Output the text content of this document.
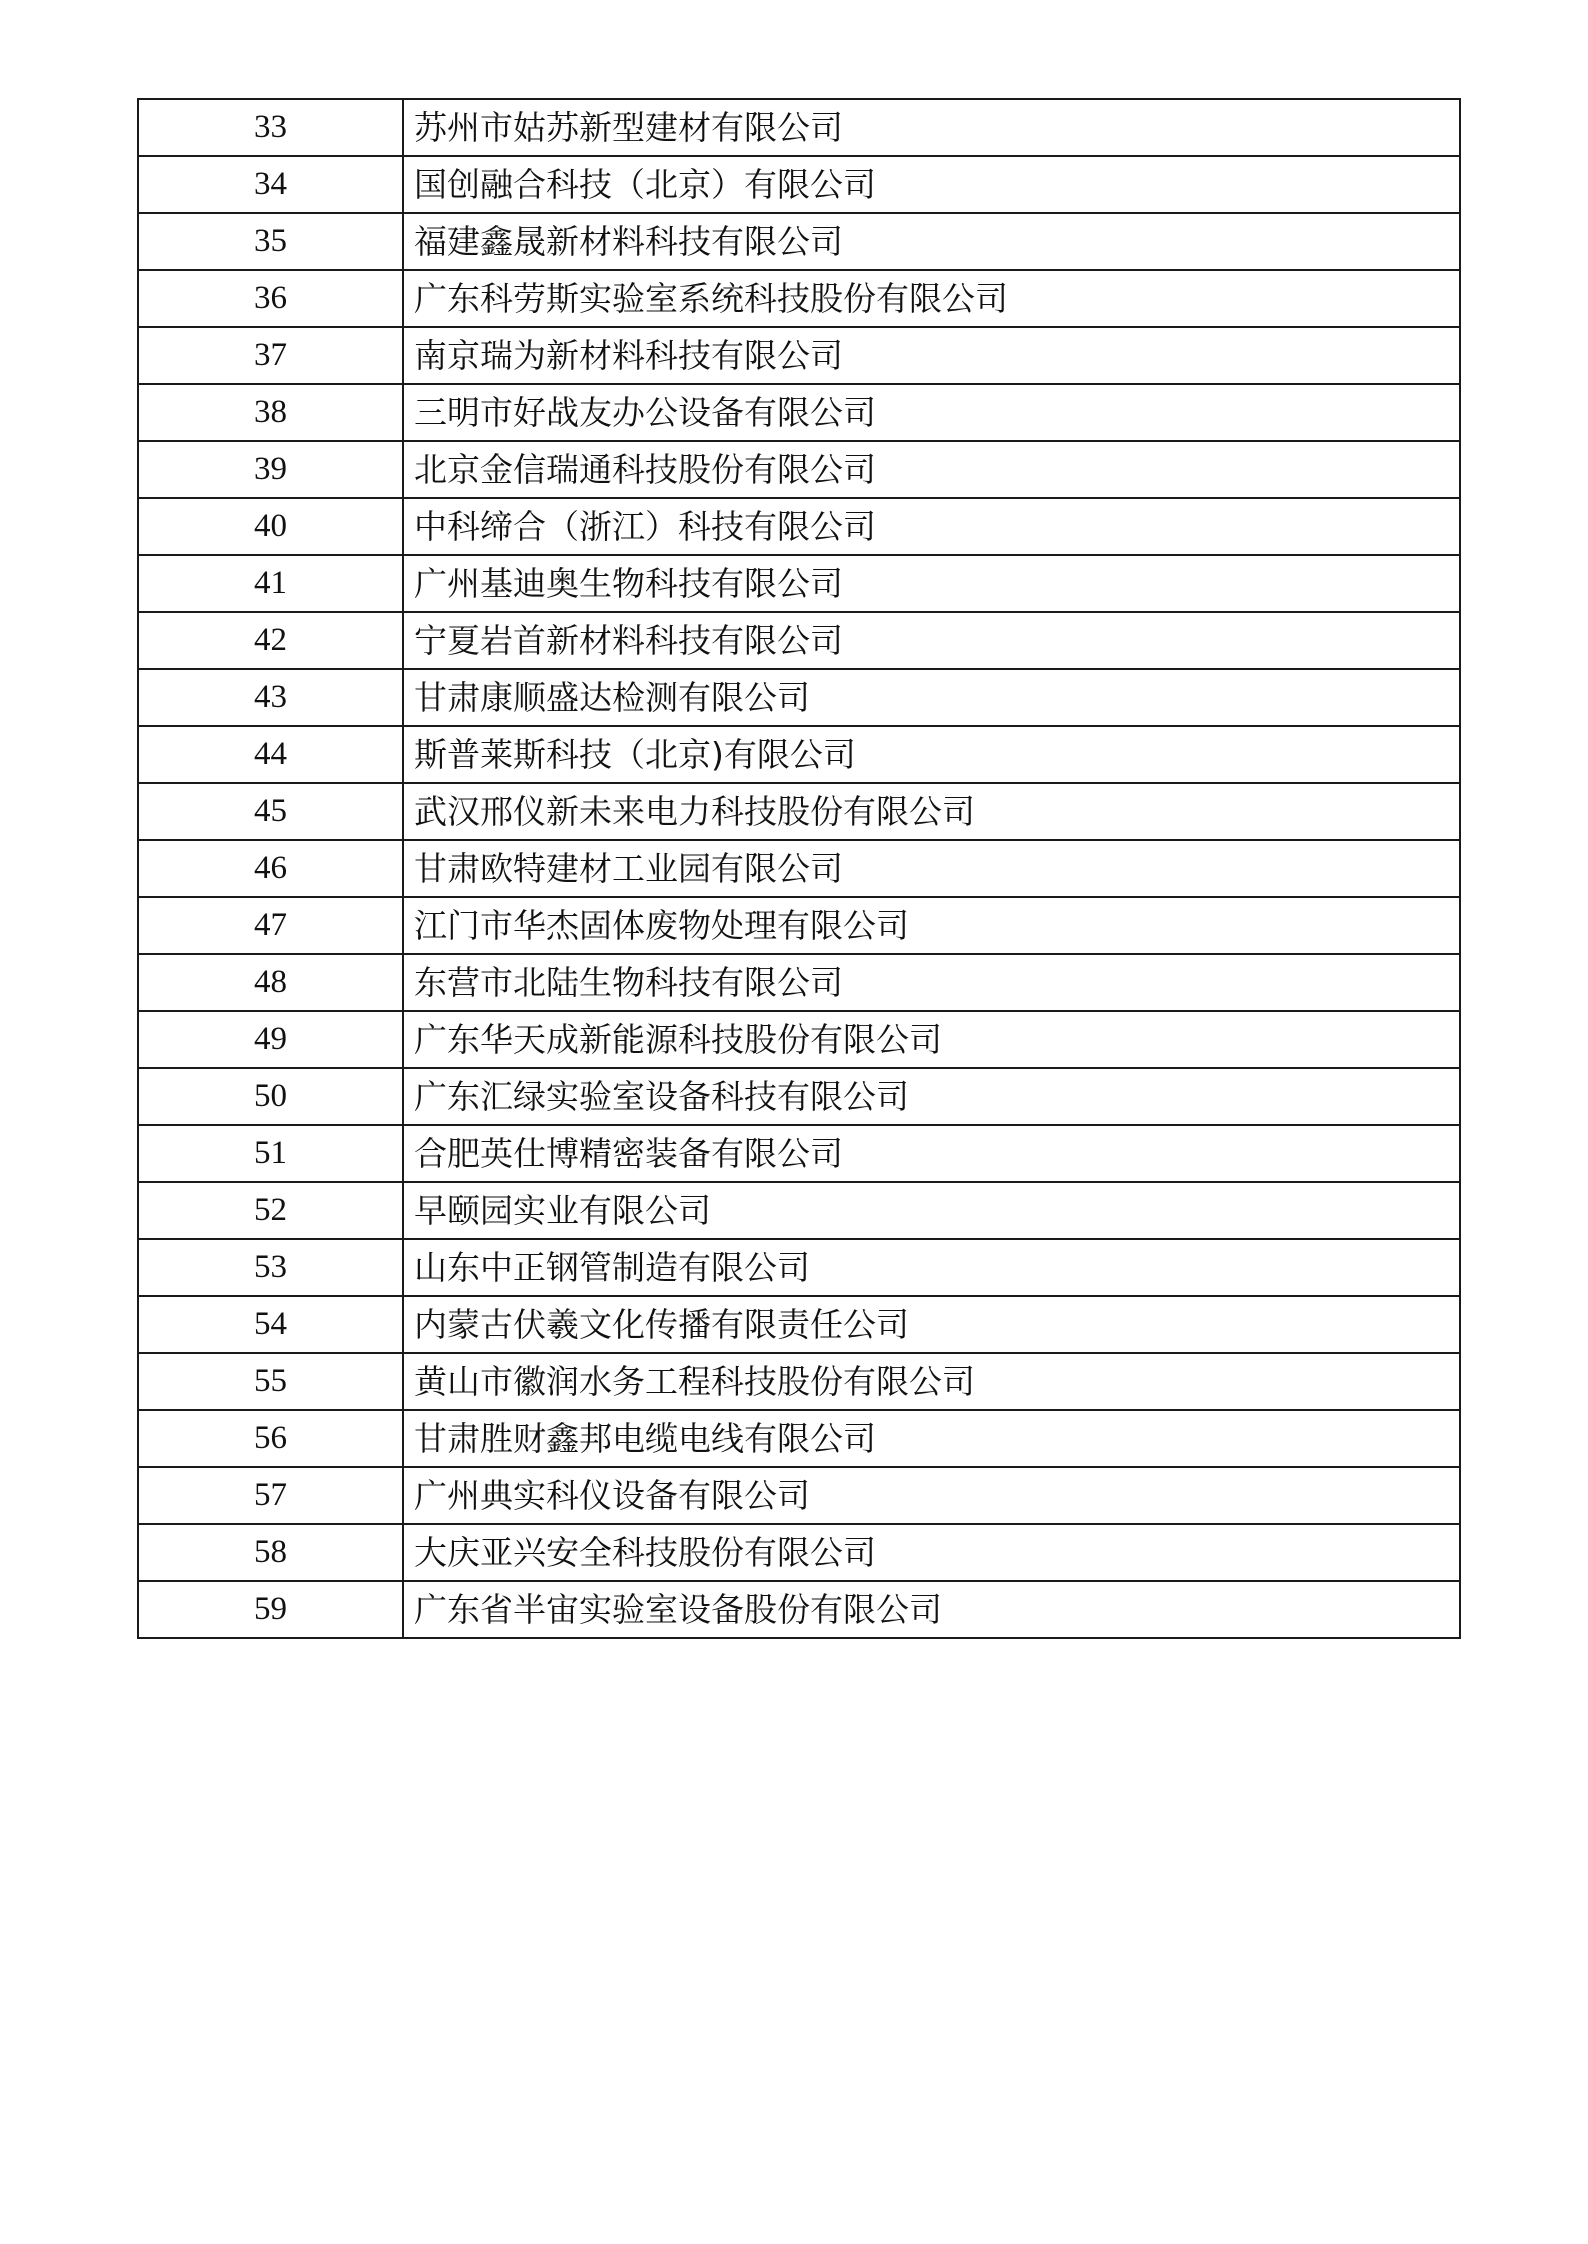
33	苏州市姑苏新型建材有限公司
34	国创融合科技（北京）有限公司
35	福建鑫晟新材料科技有限公司
36	广东科劳斯实验室系统科技股份有限公司
37	南京瑞为新材料科技有限公司
38	三明市好战友办公设备有限公司
39	北京金信瑞通科技股份有限公司
40	中科缔合（浙江）科技有限公司
41	广州基迪奥生物科技有限公司
42	宁夏岩首新材料科技有限公司
43	甘肃康顺盛达检测有限公司
44	斯普莱斯科技（北京)有限公司
45	武汉邢仪新未来电力科技股份有限公司
46	甘肃欧特建材工业园有限公司
47	江门市华杰固体废物处理有限公司
48	东营市北陆生物科技有限公司
49	广东华天成新能源科技股份有限公司
50	广东汇绿实验室设备科技有限公司
51	合肥英仕博精密装备有限公司
52	早颐园实业有限公司
53	山东中正钢管制造有限公司
54	内蒙古伏羲文化传播有限责任公司
55	黄山市徽润水务工程科技股份有限公司
56	甘肃胜财鑫邦电缆电线有限公司
57	广州典实科仪设备有限公司
58	大庆亚兴安全科技股份有限公司
59	广东省半宙实验室设备股份有限公司
